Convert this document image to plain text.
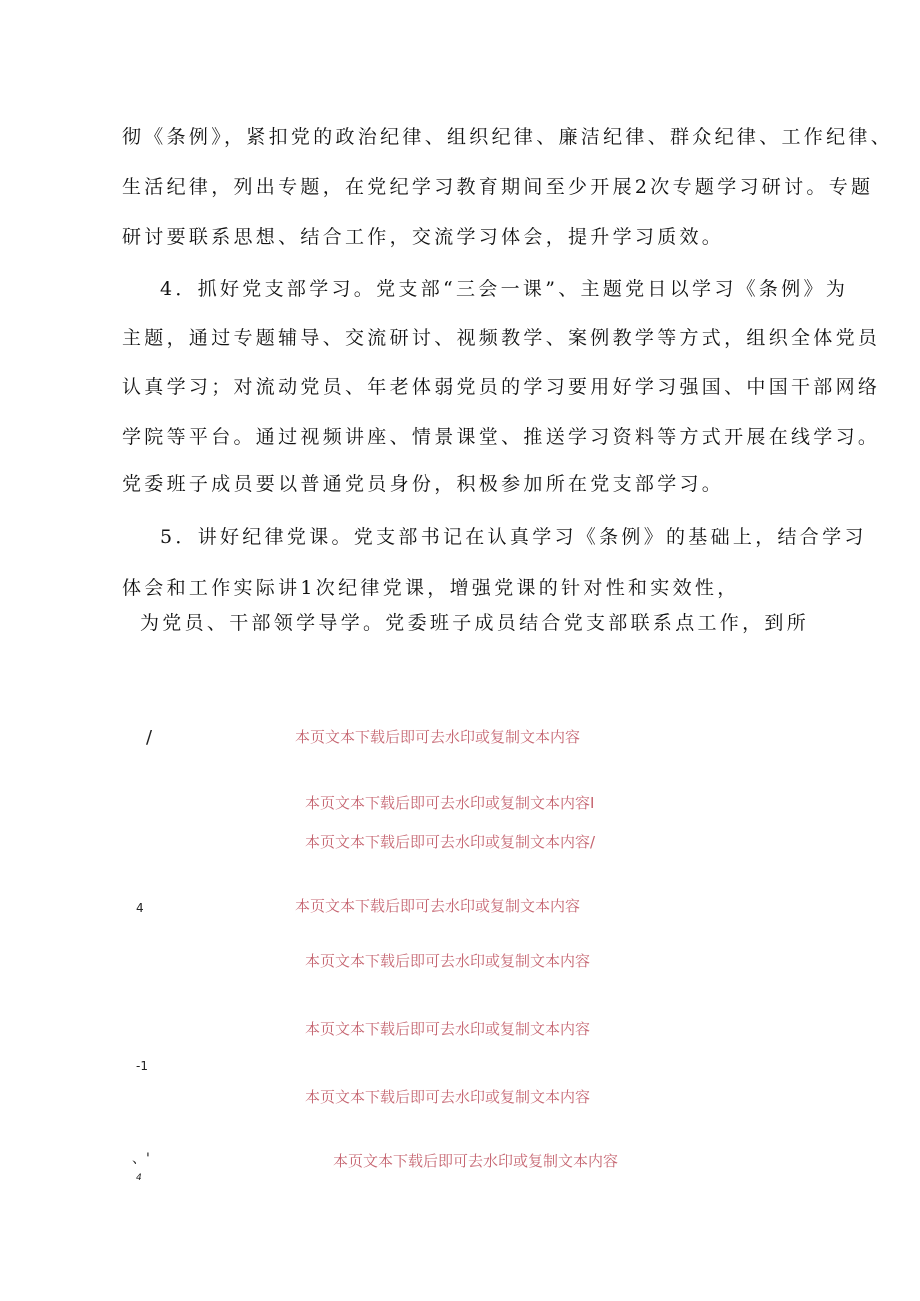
彻《条例》，紧扣党的政治纪律、组织纪律、廉洁纪律、群众纪律、工作纪律、
生活纪律，列出专题，在党纪学习教育期间至少开展2次专题学习研讨。专题
研讨要联系思想、结合工作，交流学习体会，提升学习质效。
4．抓好党支部学习。党支部“三会一课”、主题党日以学习《条例》为
主题，通过专题辅导、交流研讨、视频教学、案例教学等方式，组织全体党员
认真学习；对流动党员、年老体弱党员的学习要用好学习强国、中国干部网络
学院等平台。通过视频讲座、情景课堂、推送学习资料等方式开展在线学习。
党委班子成员要以普通党员身份，积极参加所在党支部学习。
5．讲好纪律党课。党支部书记在认真学习《条例》的基础上，结合学习
体会和工作实际讲1次纪律党课，增强党课的针对性和实效性，
为党员、干部领学导学。党委班子成员结合党支部联系点工作，到所
/
4
-1
、'
4
本页文本下载后即可去水印或复制文本内容
本页文本下载后即可去水印或复制文本内容I
本页文本下载后即可去水印或复制文本内容/
本页文本下载后即可去水印或复制文本内容
本页文本下载后即可去水印或复制文本内容
本页文本下载后即可去水印或复制文本内容
本页文本下载后即可去水印或复制文本内容
本页文本下载后即可去水印或复制文本内容
